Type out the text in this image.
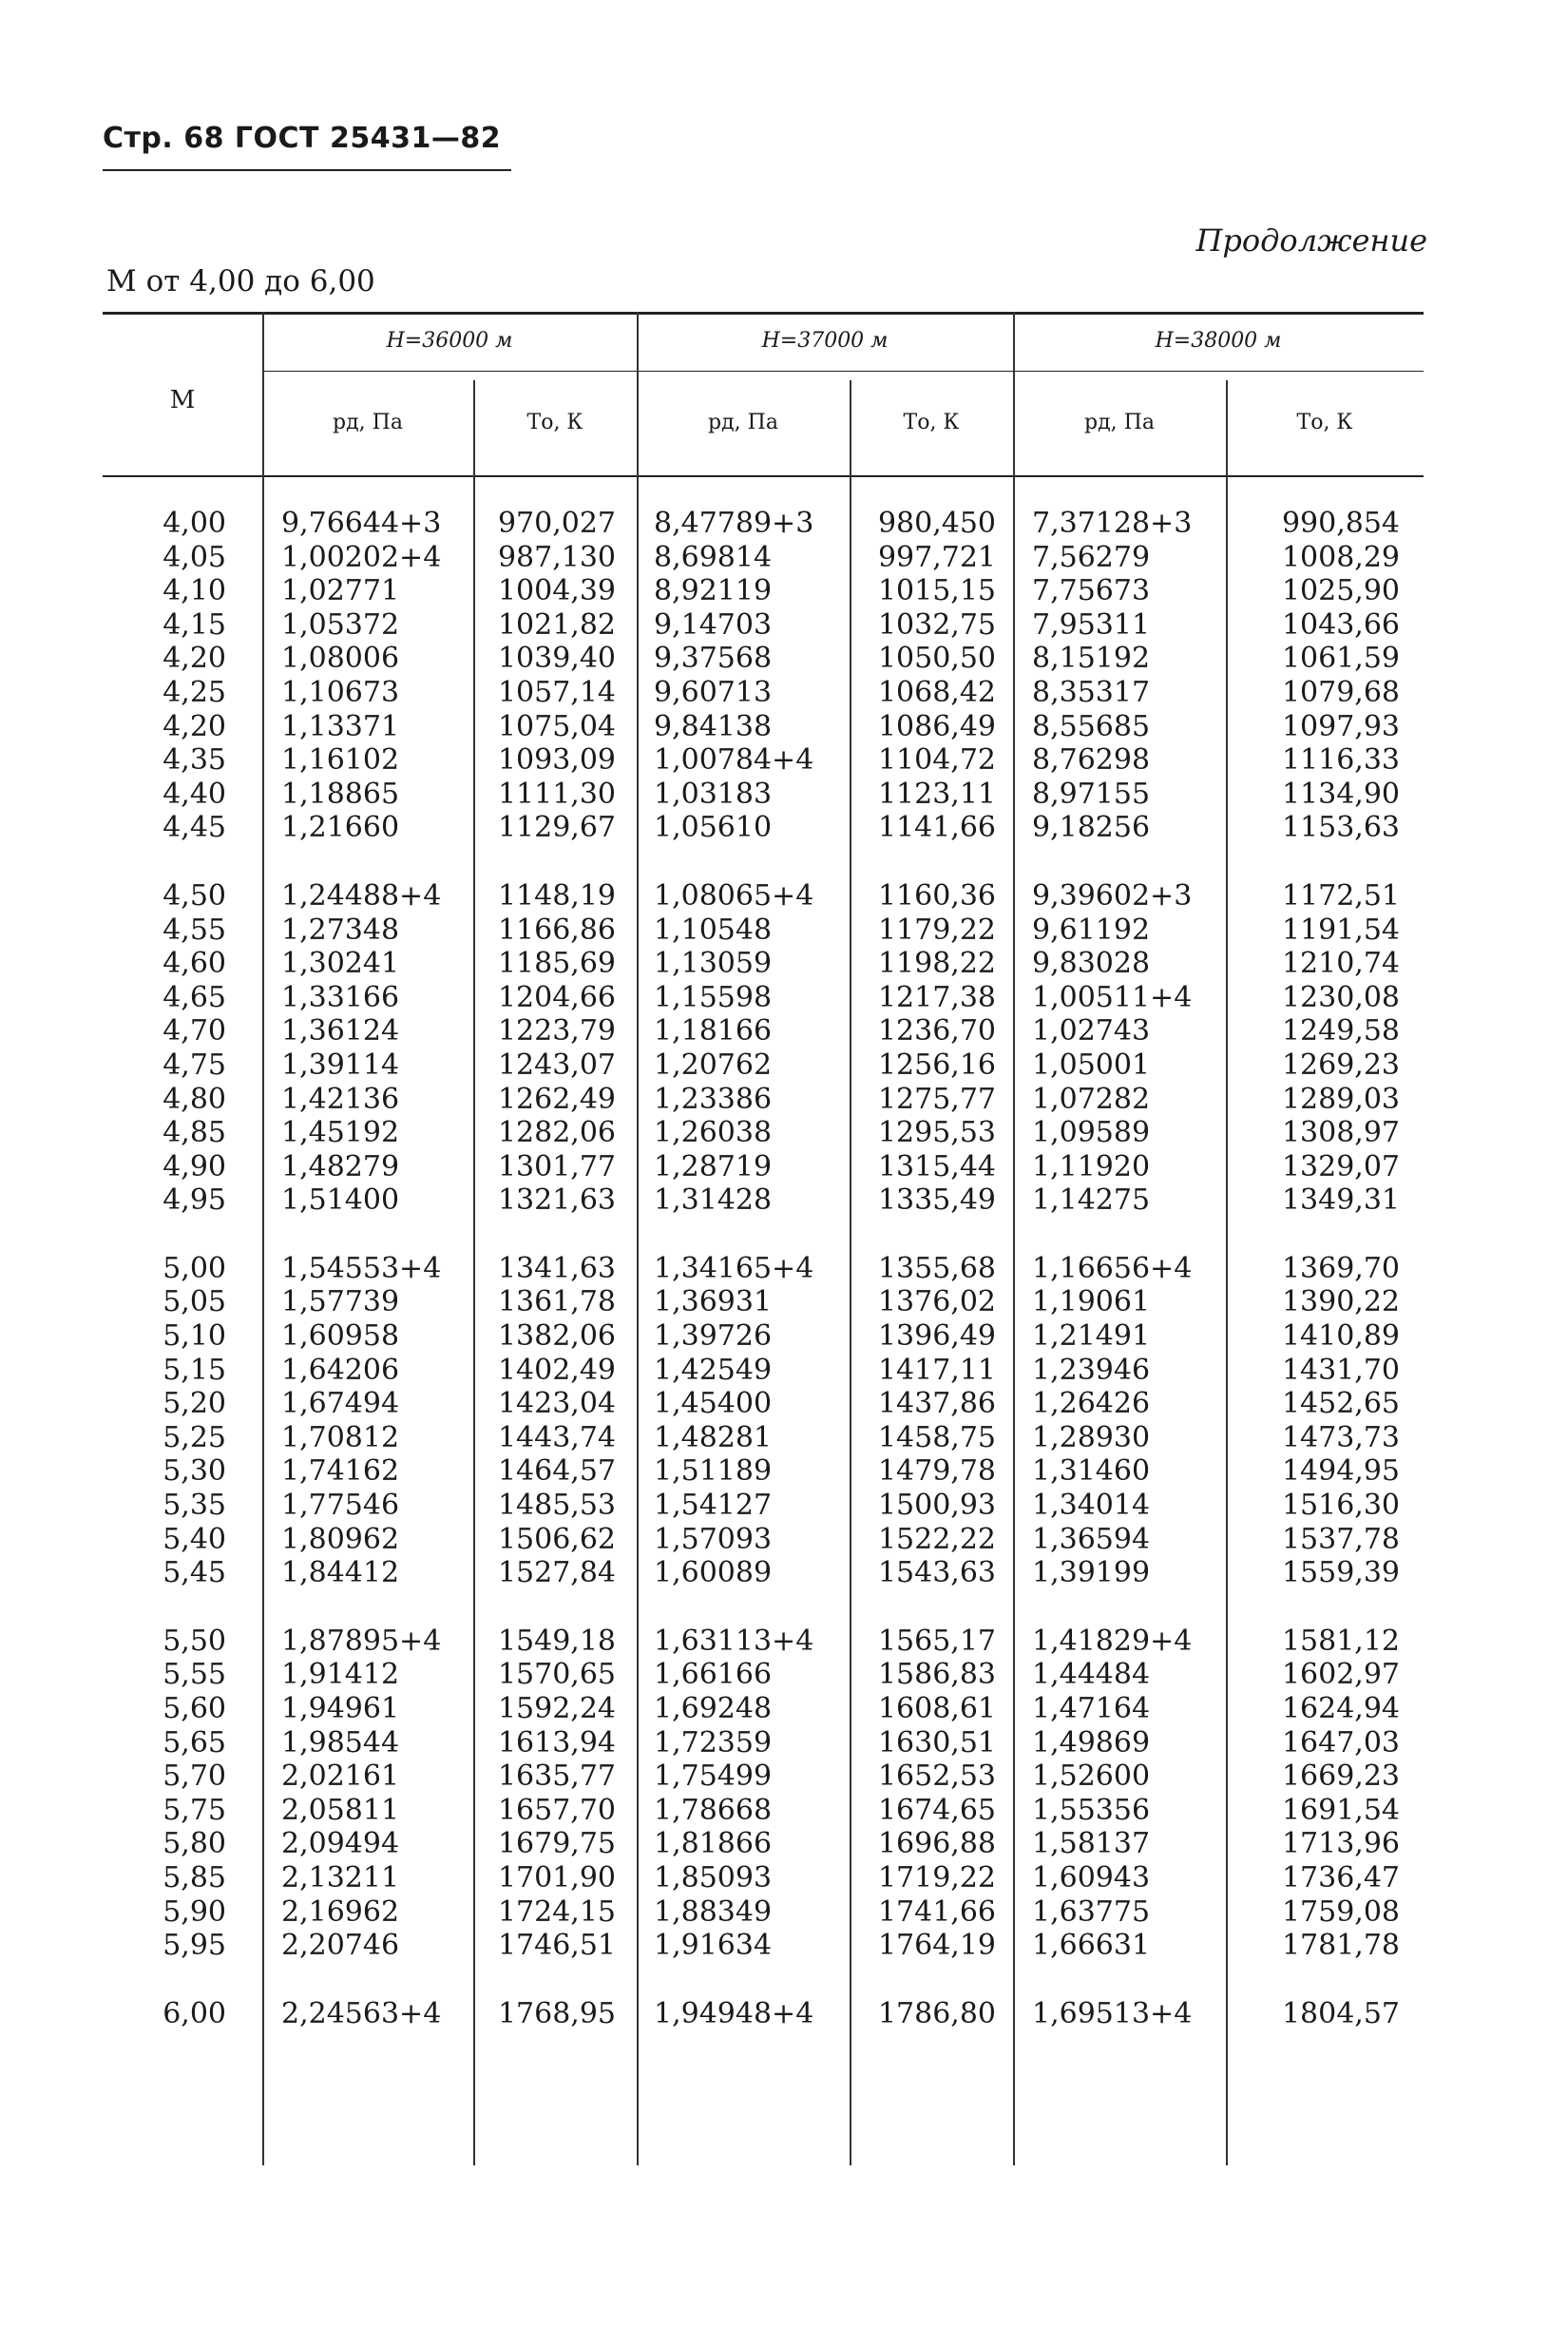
Стр. 68 ГОСТ 25431—82
Продолжение
M от 4,00 до 6,00
M
H=36000 м	H=37000 м	H=38000 м
pд, Па	Tо, К	pд, Па	Tо, К	pд, Па	Tо, К
4,00 9,76644+3	970,027 8,47789+3	980,450 7,37128+3	990,854
4,05 1,00202+4	987,130 8,69814	997,721 7,56279	1008,29
4,10 1,02771	1004,39 8,92119	1015,15 7,75673	1025,90
4,15 1,05372	1021,82 9,14703	1032,75 7,95311	1043,66
4,20 1,08006	1039,40 9,37568	1050,50 8,15192	1061,59
4,25 1,10673	1057,14 9,60713	1068,42 8,35317	1079,68
4,20 1,13371	1075,04 9,84138	1086,49 8,55685	1097,93
4,35 1,16102	1093,09 1,00784+4	1104,72 8,76298	1116,33
4,40 1,18865	1111,30 1,03183	1123,11 8,97155	1134,90
4,45 1,21660	1129,67 1,05610	1141,66 9,18256	1153,63
4,50 1,24488+4	1148,19 1,08065+4	1160,36 9,39602+3	1172,51
4,55 1,27348	1166,86 1,10548	1179,22 9,61192	1191,54
4,60 1,30241	1185,69 1,13059	1198,22 9,83028	1210,74
4,65 1,33166	1204,66 1,15598	1217,38 1,00511+4	1230,08
4,70 1,36124	1223,79 1,18166	1236,70 1,02743	1249,58
4,75 1,39114	1243,07 1,20762	1256,16 1,05001	1269,23
4,80 1,42136	1262,49 1,23386	1275,77 1,07282	1289,03
4,85 1,45192	1282,06 1,26038	1295,53 1,09589	1308,97
4,90 1,48279	1301,77 1,28719	1315,44 1,11920	1329,07
4,95 1,51400	1321,63 1,31428	1335,49 1,14275	1349,31
5,00 1,54553+4	1341,63 1,34165+4	1355,68 1,16656+4	1369,70
5,05 1,57739	1361,78 1,36931	1376,02 1,19061	1390,22
5,10 1,60958	1382,06 1,39726	1396,49 1,21491	1410,89
5,15 1,64206	1402,49 1,42549	1417,11 1,23946	1431,70
5,20 1,67494	1423,04 1,45400	1437,86 1,26426	1452,65
5,25 1,70812	1443,74 1,48281	1458,75 1,28930	1473,73
5,30 1,74162	1464,57 1,51189	1479,78 1,31460	1494,95
5,35 1,77546	1485,53 1,54127	1500,93 1,34014	1516,30
5,40 1,80962	1506,62 1,57093	1522,22 1,36594	1537,78
5,45 1,84412	1527,84 1,60089	1543,63 1,39199	1559,39
5,50 1,87895+4	1549,18 1,63113+4	1565,17 1,41829+4	1581,12
5,55 1,91412	1570,65 1,66166	1586,83 1,44484	1602,97
5,60 1,94961	1592,24 1,69248	1608,61 1,47164	1624,94
5,65 1,98544	1613,94 1,72359	1630,51 1,49869	1647,03
5,70 2,02161	1635,77 1,75499	1652,53 1,52600	1669,23
5,75 2,05811	1657,70 1,78668	1674,65 1,55356	1691,54
5,80 2,09494	1679,75 1,81866	1696,88 1,58137	1713,96
5,85 2,13211	1701,90 1,85093	1719,22 1,60943	1736,47
5,90 2,16962	1724,15 1,88349	1741,66 1,63775	1759,08
5,95 2,20746	1746,51 1,91634	1764,19 1,66631	1781,78
6,00 2,24563+4	1768,95 1,94948+4	1786,80 1,69513+4	1804,57
